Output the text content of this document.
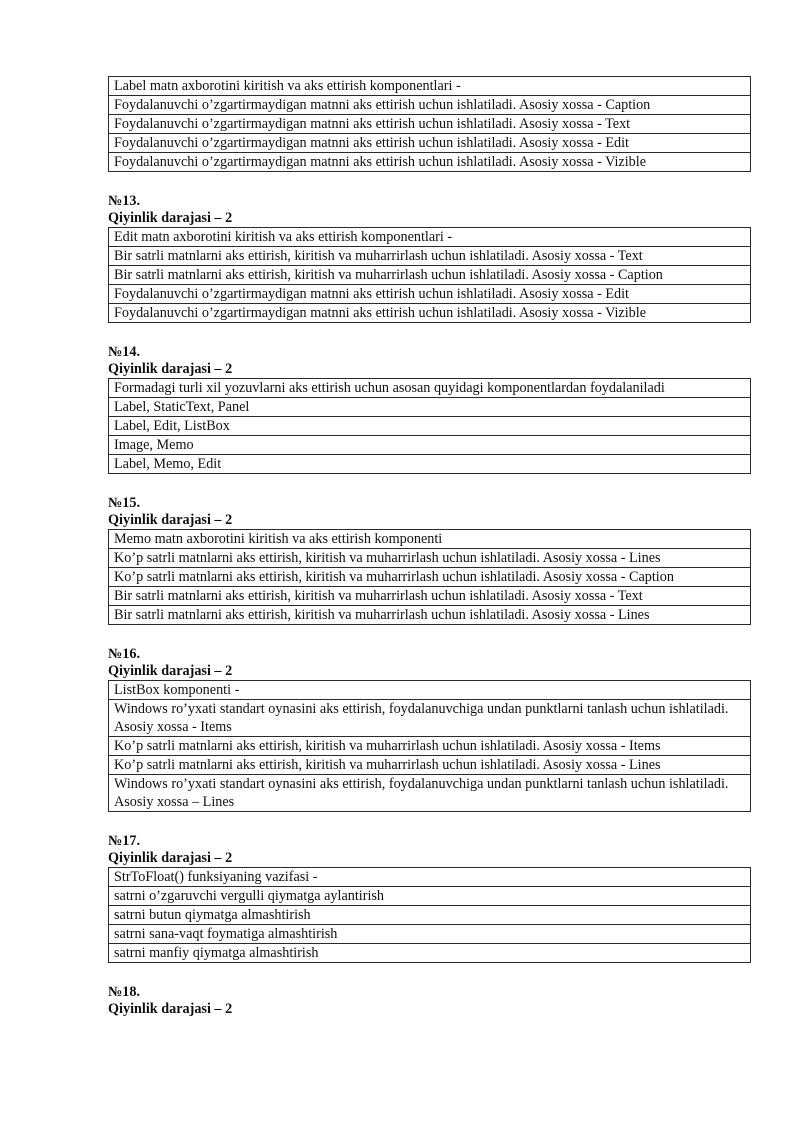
Label matn axborotini kiritish va aks ettirish komponentlari -
Foydalanuvchi o’zgartirmaydigan matnni aks ettirish uchun ishlatiladi. Asosiy xossa - Caption
Foydalanuvchi o’zgartirmaydigan matnni aks ettirish uchun ishlatiladi. Asosiy xossa - Text
Foydalanuvchi o’zgartirmaydigan matnni aks ettirish uchun ishlatiladi. Asosiy xossa - Edit
Foydalanuvchi o’zgartirmaydigan matnni aks ettirish uchun ishlatiladi. Asosiy xossa - Vizible

№13.

Qiyinlik darajasi – 2

Edit matn axborotini kiritish va aks ettirish komponentlari -
Bir satrli matnlarni aks ettirish, kiritish va muharrirlash uchun ishlatiladi. Asosiy xossa - Text
Bir satrli matnlarni aks ettirish, kiritish va muharrirlash uchun ishlatiladi. Asosiy xossa - Caption
Foydalanuvchi o’zgartirmaydigan matnni aks ettirish uchun ishlatiladi. Asosiy xossa - Edit
Foydalanuvchi o’zgartirmaydigan matnni aks ettirish uchun ishlatiladi. Asosiy xossa - Vizible

№14.

Qiyinlik darajasi – 2

Formadagi turli xil yozuvlarni aks ettirish uchun asosan quyidagi komponentlardan foydalaniladi
Label, StaticText, Panel
Label, Edit, ListBox
Image, Memo
Label, Memo, Edit

№15.

Qiyinlik darajasi – 2

Memo matn axborotini kiritish va aks ettirish komponenti
Ko’p satrli matnlarni aks ettirish, kiritish va muharrirlash uchun ishlatiladi. Asosiy xossa - Lines
Ko’p satrli matnlarni aks ettirish, kiritish va muharrirlash uchun ishlatiladi. Asosiy xossa - Caption
Bir satrli matnlarni aks ettirish, kiritish va muharrirlash uchun ishlatiladi. Asosiy xossa - Text
Bir satrli matnlarni aks ettirish, kiritish va muharrirlash uchun ishlatiladi. Asosiy xossa - Lines

№16.

Qiyinlik darajasi – 2

ListBox komponenti -
Windows ro’yxati standart oynasini aks ettirish, foydalanuvchiga undan punktlarni tanlash uchun ishlatiladi. Asosiy xossa - Items
Ko’p satrli matnlarni aks ettirish, kiritish va muharrirlash uchun ishlatiladi. Asosiy xossa - Items
Ko’p satrli matnlarni aks ettirish, kiritish va muharrirlash uchun ishlatiladi. Asosiy xossa - Lines
Windows ro’yxati standart oynasini aks ettirish, foydalanuvchiga undan punktlarni tanlash uchun ishlatiladi. Asosiy xossa – Lines

№17.

Qiyinlik darajasi – 2

StrToFloat() funksiyaning vazifasi -
satrni o’zgaruvchi vergulli qiymatga aylantirish
satrni butun qiymatga almashtirish
satrni sana-vaqt foymatiga almashtirish
satrni manfiy qiymatga almashtirish

№18.

Qiyinlik darajasi – 2
